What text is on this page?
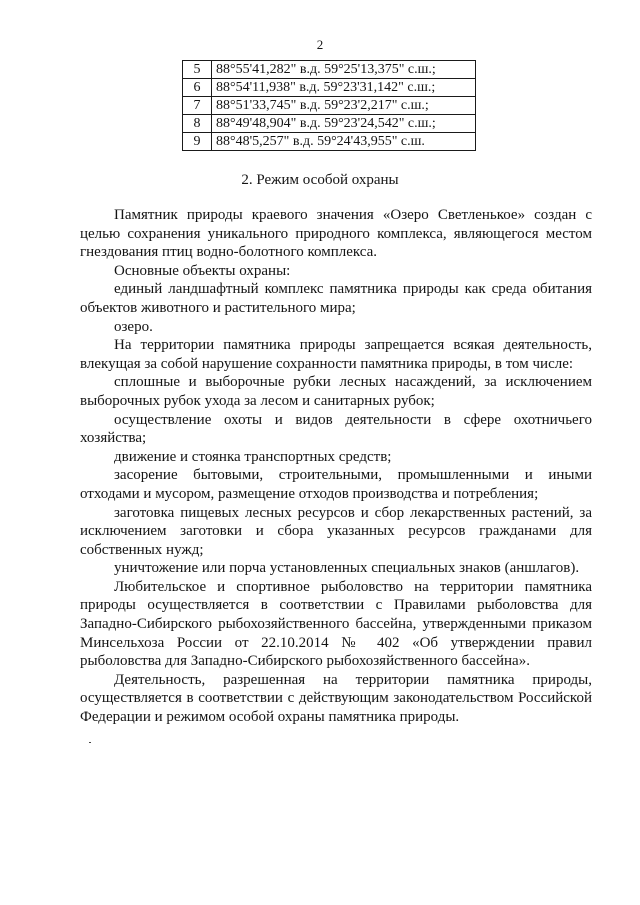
2
5	88°55'41,282" в.д. 59°25'13,375" с.ш.;
6	88°54'11,938" в.д. 59°23'31,142" с.ш.;
7	88°51'33,745" в.д. 59°23'2,217" с.ш.;
8	88°49'48,904" в.д. 59°23'24,542" с.ш.;
9	88°48'5,257" в.д. 59°24'43,955" с.ш.
2. Режим особой охраны

Памятник природы краевого значения «Озеро Светленькое» создан с целью сохранения уникального природного комплекса, являющегося местом гнездования птиц водно-болотного комплекса.

Основные объекты охраны:

единый ландшафтный комплекс памятника природы как среда обитания объектов животного и растительного мира;

озеро.

На территории памятника природы запрещается всякая деятельность, влекущая за собой нарушение сохранности памятника природы, в том числе:

сплошные и выборочные рубки лесных насаждений, за исключением выборочных рубок ухода за лесом и санитарных рубок;

осуществление охоты и видов деятельности в сфере охотничьего хозяйства;

движение и стоянка транспортных средств;

засорение бытовыми, строительными, промышленными и иными отходами и мусором, размещение отходов производства и потребления;

заготовка пищевых лесных ресурсов и сбор лекарственных растений, за исключением заготовки и сбора указанных ресурсов гражданами для собственных нужд;

уничтожение или порча установленных специальных знаков (аншлагов).

Любительское и спортивное рыболовство на территории памятника природы осуществляется в соответствии с Правилами рыболовства для Западно-Сибирского рыбохозяйственного бассейна, утвержденными приказом Минсельхоза России от 22.10.2014 № 402 «Об утверждении правил рыболовства для Западно-Сибирского рыбохозяйственного бассейна».

Деятельность, разрешенная на территории памятника природы, осуществляется в соответствии с действующим законодательством Российской Федерации и режимом особой охраны памятника природы.
